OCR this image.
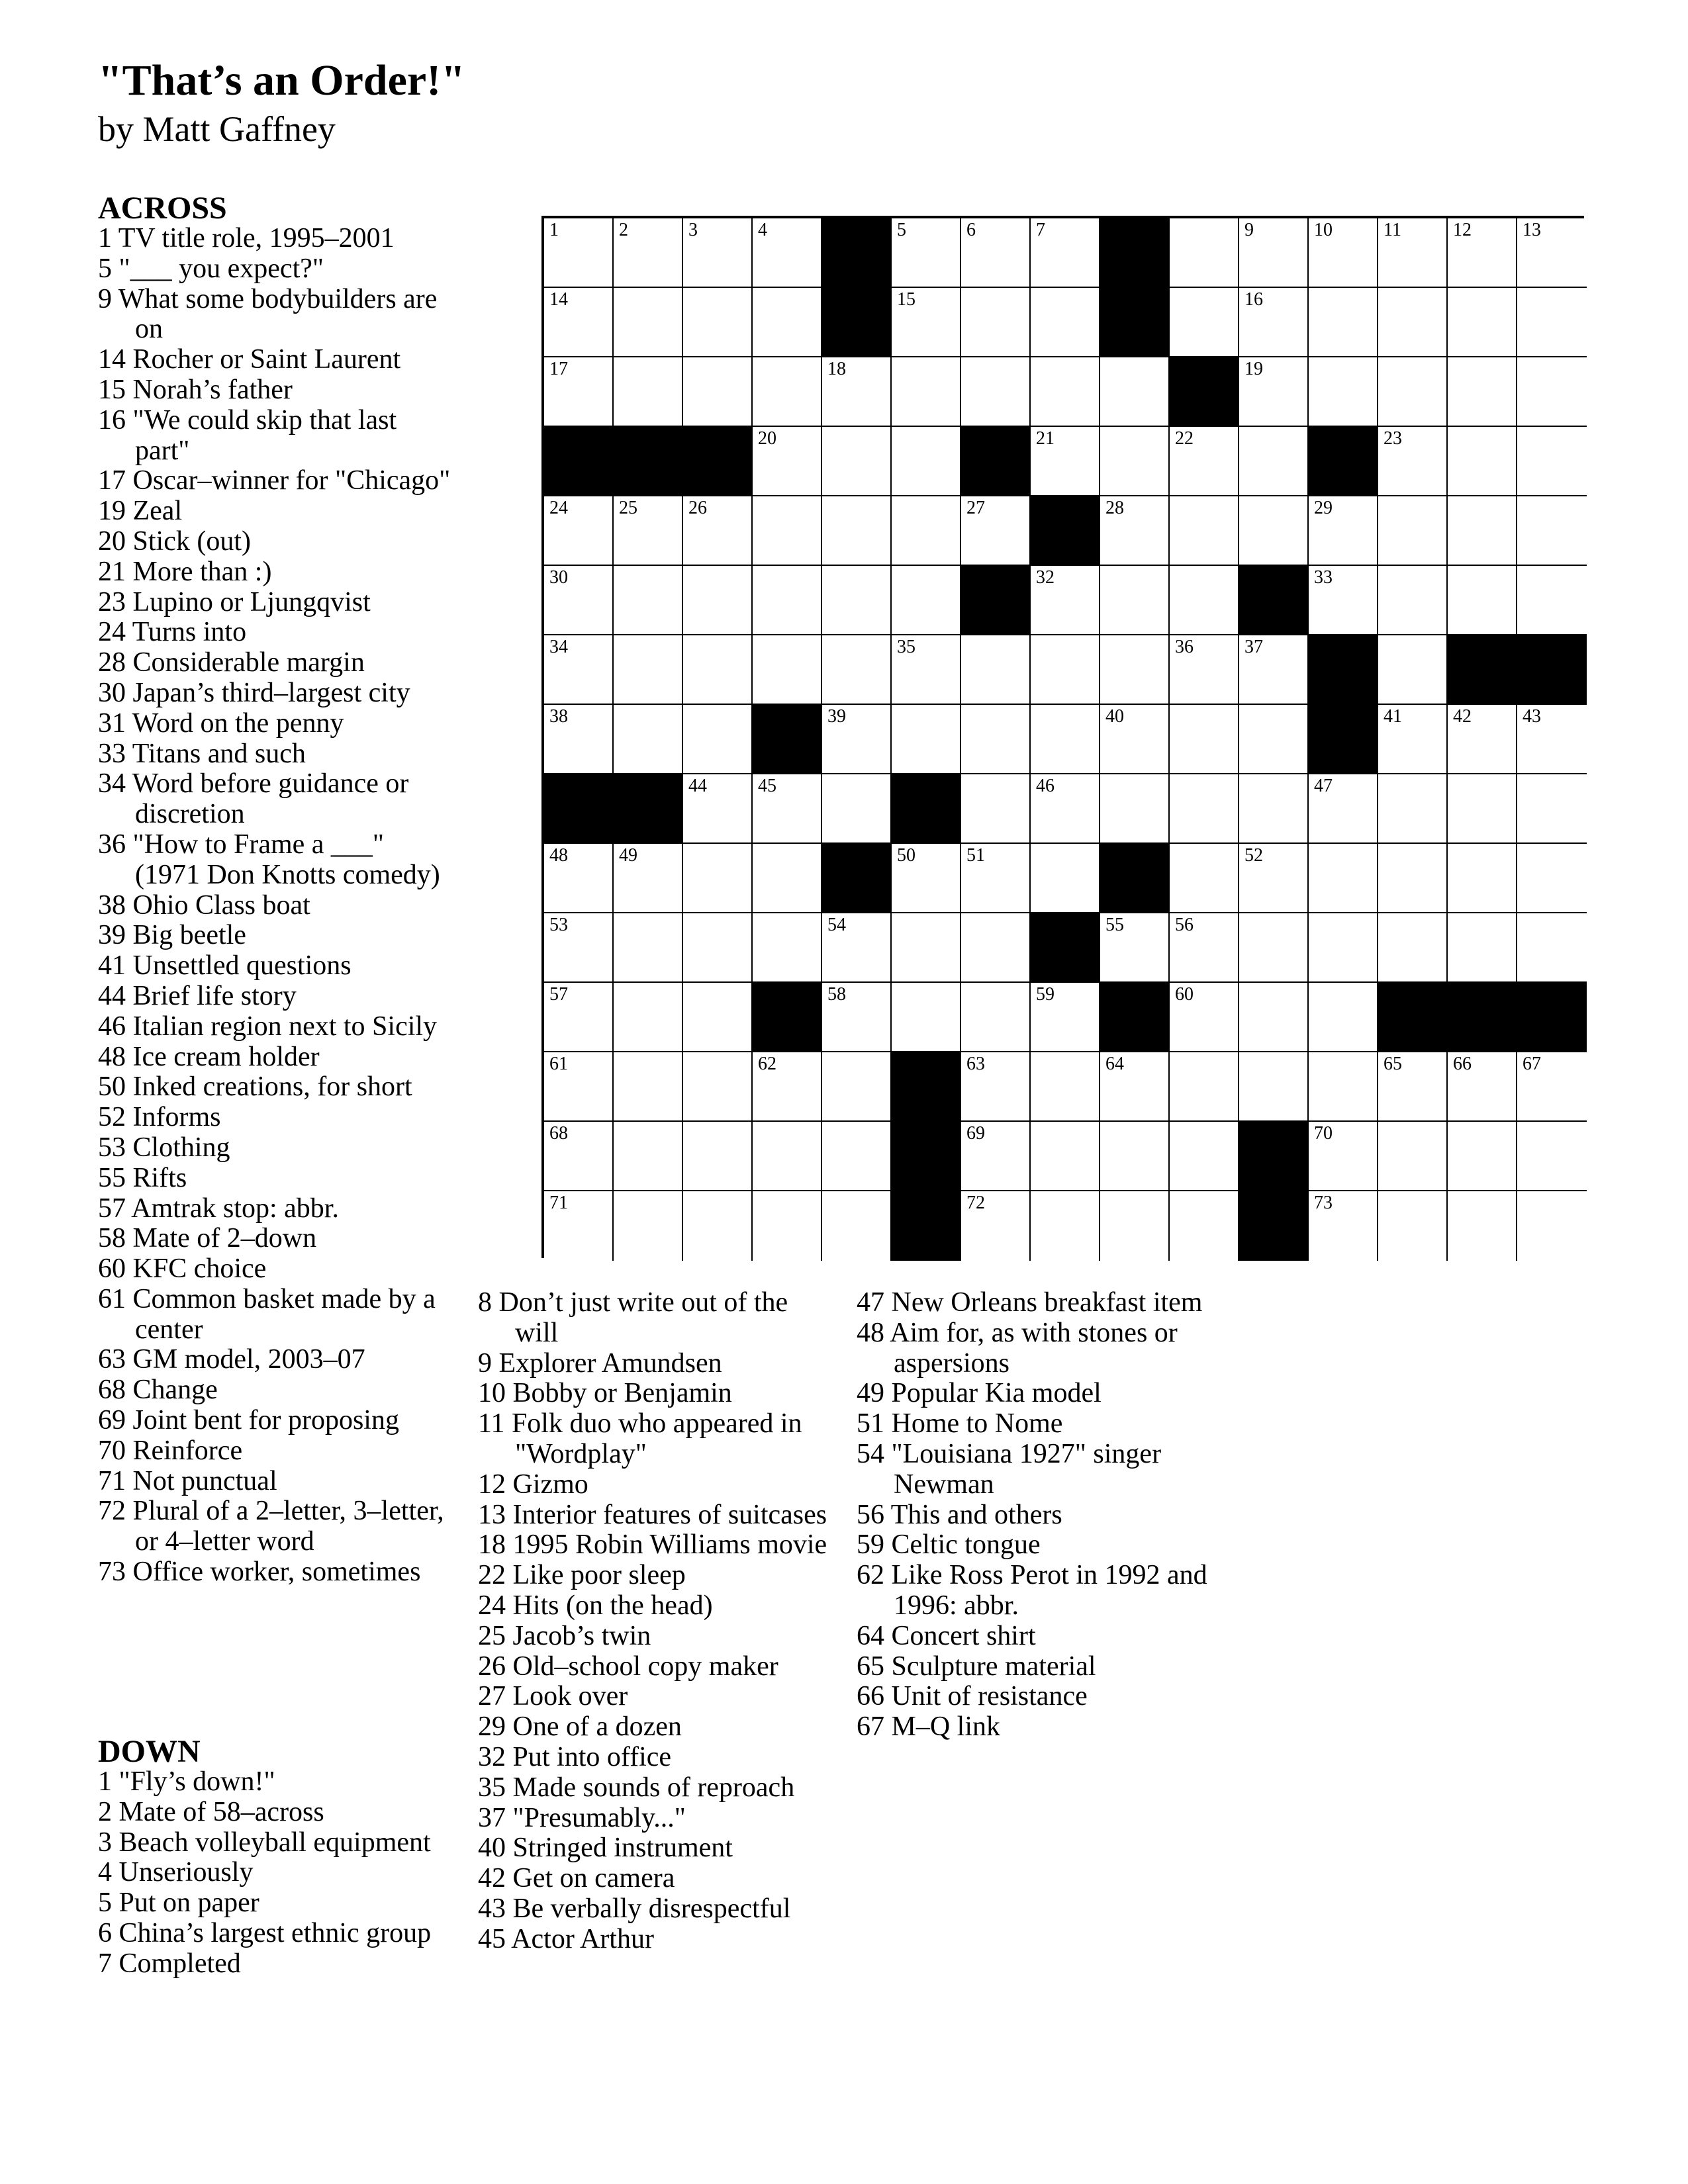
"That’s an Order!"
by Matt Gaffney
ACROSS
1 TV title role, 1995–2001
5 "___ you expect?"
9 What some bodybuilders are on
14 Rocher or Saint Laurent
15 Norah’s father
16 "We could skip that last part"
17 Oscar–winner for "Chicago"
19 Zeal
20 Stick (out)
21 More than :)
23 Lupino or Ljungqvist
24 Turns into
28 Considerable margin
30 Japan’s third–largest city
31 Word on the penny
33 Titans and such
34 Word before guidance or discretion
36 "How to Frame a ___" (1971 Don Knotts comedy)
38 Ohio Class boat
39 Big beetle
41 Unsettled questions
44 Brief life story
46 Italian region next to Sicily
48 Ice cream holder
50 Inked creations, for short
52 Informs
53 Clothing
55 Rifts
57 Amtrak stop: abbr.
58 Mate of 2–down
60 KFC choice
61 Common basket made by a center
63 GM model, 2003–07
68 Change
69 Joint bent for proposing
70 Reinforce
71 Not punctual
72 Plural of a 2–letter, 3–letter, or 4–letter word
73 Office worker, sometimes
DOWN
1 "Fly’s down!"
2 Mate of 58–across
3 Beach volleyball equipment
4 Unseriously
5 Put on paper
6 China’s largest ethnic group
7 Completed
8 Don’t just write out of the will
9 Explorer Amundsen
10 Bobby or Benjamin
11 Folk duo who appeared in "Wordplay"
12 Gizmo
13 Interior features of suitcases
18 1995 Robin Williams movie
22 Like poor sleep
24 Hits (on the head)
25 Jacob’s twin
26 Old–school copy maker
27 Look over
29 One of a dozen
32 Put into office
35 Made sounds of reproach
37 "Presumably..."
40 Stringed instrument
42 Get on camera
43 Be verbally disrespectful
45 Actor Arthur
47 New Orleans breakfast item
48 Aim for, as with stones or aspersions
49 Popular Kia model
51 Home to Nome
54 "Louisiana 1927" singer Newman
56 This and others
59 Celtic tongue
62 Like Ross Perot in 1992 and 1996: abbr.
64 Concert shirt
65 Sculpture material
66 Unit of resistance
67 M–Q link
1	2	3	4	5	6	7	9	10	11	12	13
14	15	16
17	18	19
20	21	22	23
24	25	26	27	28	29
30	32	33
34	35	36	37
38	39	40	41	42	43
44	45	46	47
48	49	50	51	52
53	54	55	56
57	58	59	60
61	62	63	64	65	66	67
68	69	70
71	72	73
